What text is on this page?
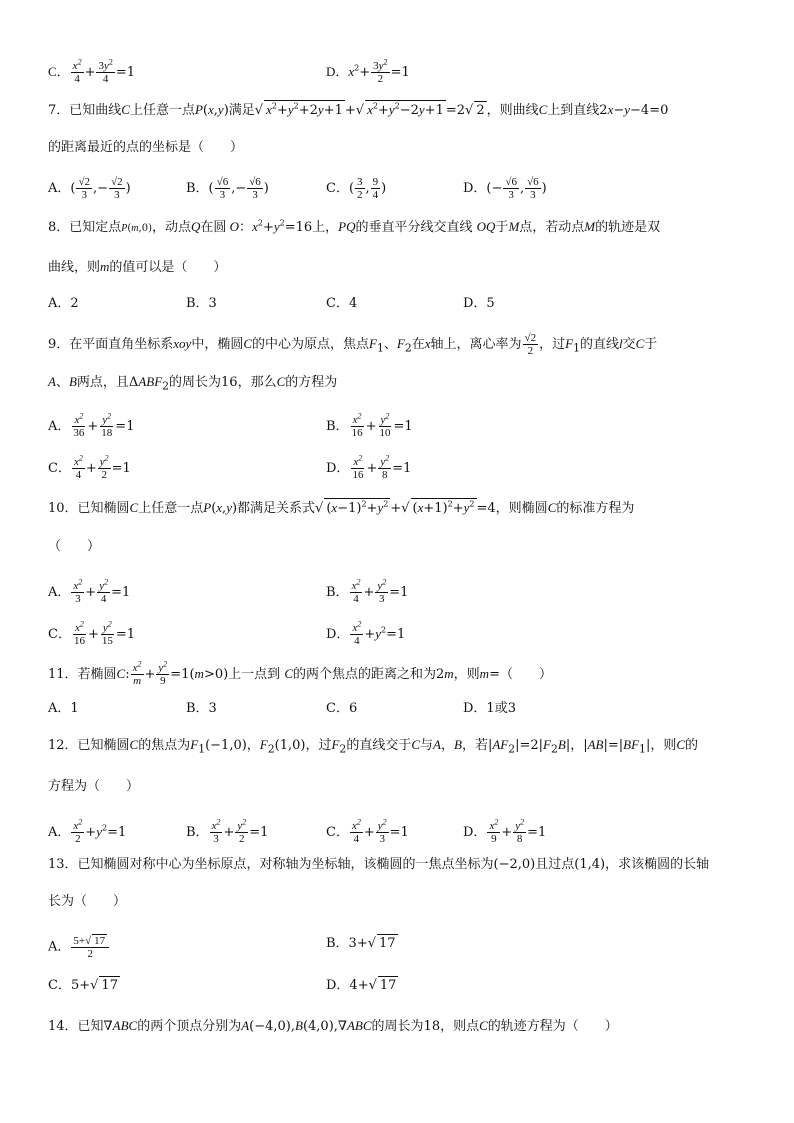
C． $\frac{x^2}{4} + \frac{3y^2}{4} =1$	D．$x^2+ \frac{3y^2}{2} =1$
7．已知曲线C上任意一点P(x,y)满足√ $x^2+y^2+2y+1$ +√ $x^2+y^2-2y+1 =2√$ 2 ，则曲线C上到直线2x−y−4=0
的距离最近的点的坐标是（　　）
A．(
√ $\frac{2}{3}$ ,−
√ $\frac{2}{3}$ )	B．(
√ $\frac{6}{3}$ ,−
√ $\frac{6}{3}$ )	C．( $\frac{3}{2}$ , $\frac{9}{4}$ )	D．(−
√ $\frac{6}{3}$ ,
√ $\frac{6}{3}$ )
8．已知定点P(m,0)，动点Q在圆 O：$x^2+y^2=16$上，PQ的垂直平分线交直线 OQ于M点，若动点M的轨迹是双
曲线，则m的值可以是（　　）
A．2	B．3	C．4	D．5
9．在平面直角坐标系xoy中，椭圆C的中心为原点，焦点$F_1$、$F_2$在x轴上，离心率为
√ $\frac{2}{2}$ ，过$F_1$的直线l交C于
A、B两点，且$\Delta ABF_2$的周长为16，那么C的方程为
A． $\frac{x^2}{36} + \frac{y^2}{18} =1$	B． $\frac{x^2}{16} + \frac{y^2}{10} =1$
C． $\frac{x^2}{4} + \frac{y^2}{2} =1$	D． $\frac{x^2}{16} + \frac{y^2}{8} =1$
10．已知椭圆C上任意一点P(x,y)都满足关系式√ $(x-1)^2+y^2$ +√ $(x+1)^2+y^2 =4$，则椭圆C的标准方程为
（　　）
A． $\frac{x^2}{3} + \frac{y^2}{4} =1$	B． $\frac{x^2}{4} + \frac{y^2}{3} =1$
C． $\frac{x^2}{16} + \frac{y^2}{15} =1$	D． $\frac{x^2}{4} +y^2=1$
11．若椭圆C: $\frac{x^2}{m} + \frac{y^2}{9} =1(m>0)$上一点到 C的两个焦点的距离之和为2m，则m=（　　）
A．1	B．3	C．6	D．1或3
12．已知椭圆C的焦点为$F_1(-1,0)$，$F_2(1,0)$，过$F_2$的直线交于C与A，B，若$|AF_2|=2|F_2B|$，$|AB|=|BF_1|$，则C的
方程为（　　）
A． $\frac{x^2}{2} +y^2=1$	B． $\frac{x^2}{3} + \frac{y^2}{2} =1$	C． $\frac{x^2}{4} + \frac{y^2}{3} =1$	D． $\frac{x^2}{9} + \frac{y^2}{8} =1$
13．已知椭圆对称中心为坐标原点，对称轴为坐标轴，该椭圆的一焦点坐标为(−2,0)且过点(1,4)，求该椭圆的长轴
长为（　　）
A． $\frac{5+√ 17}{2}$	B．3+√ 17
C．5+√ 17	D．4+√ 17
14．已知∇ABC的两个顶点分别为A(−4,0),B(4,0),∇ABC的周长为18，则点C的轨迹方程为（　　）
